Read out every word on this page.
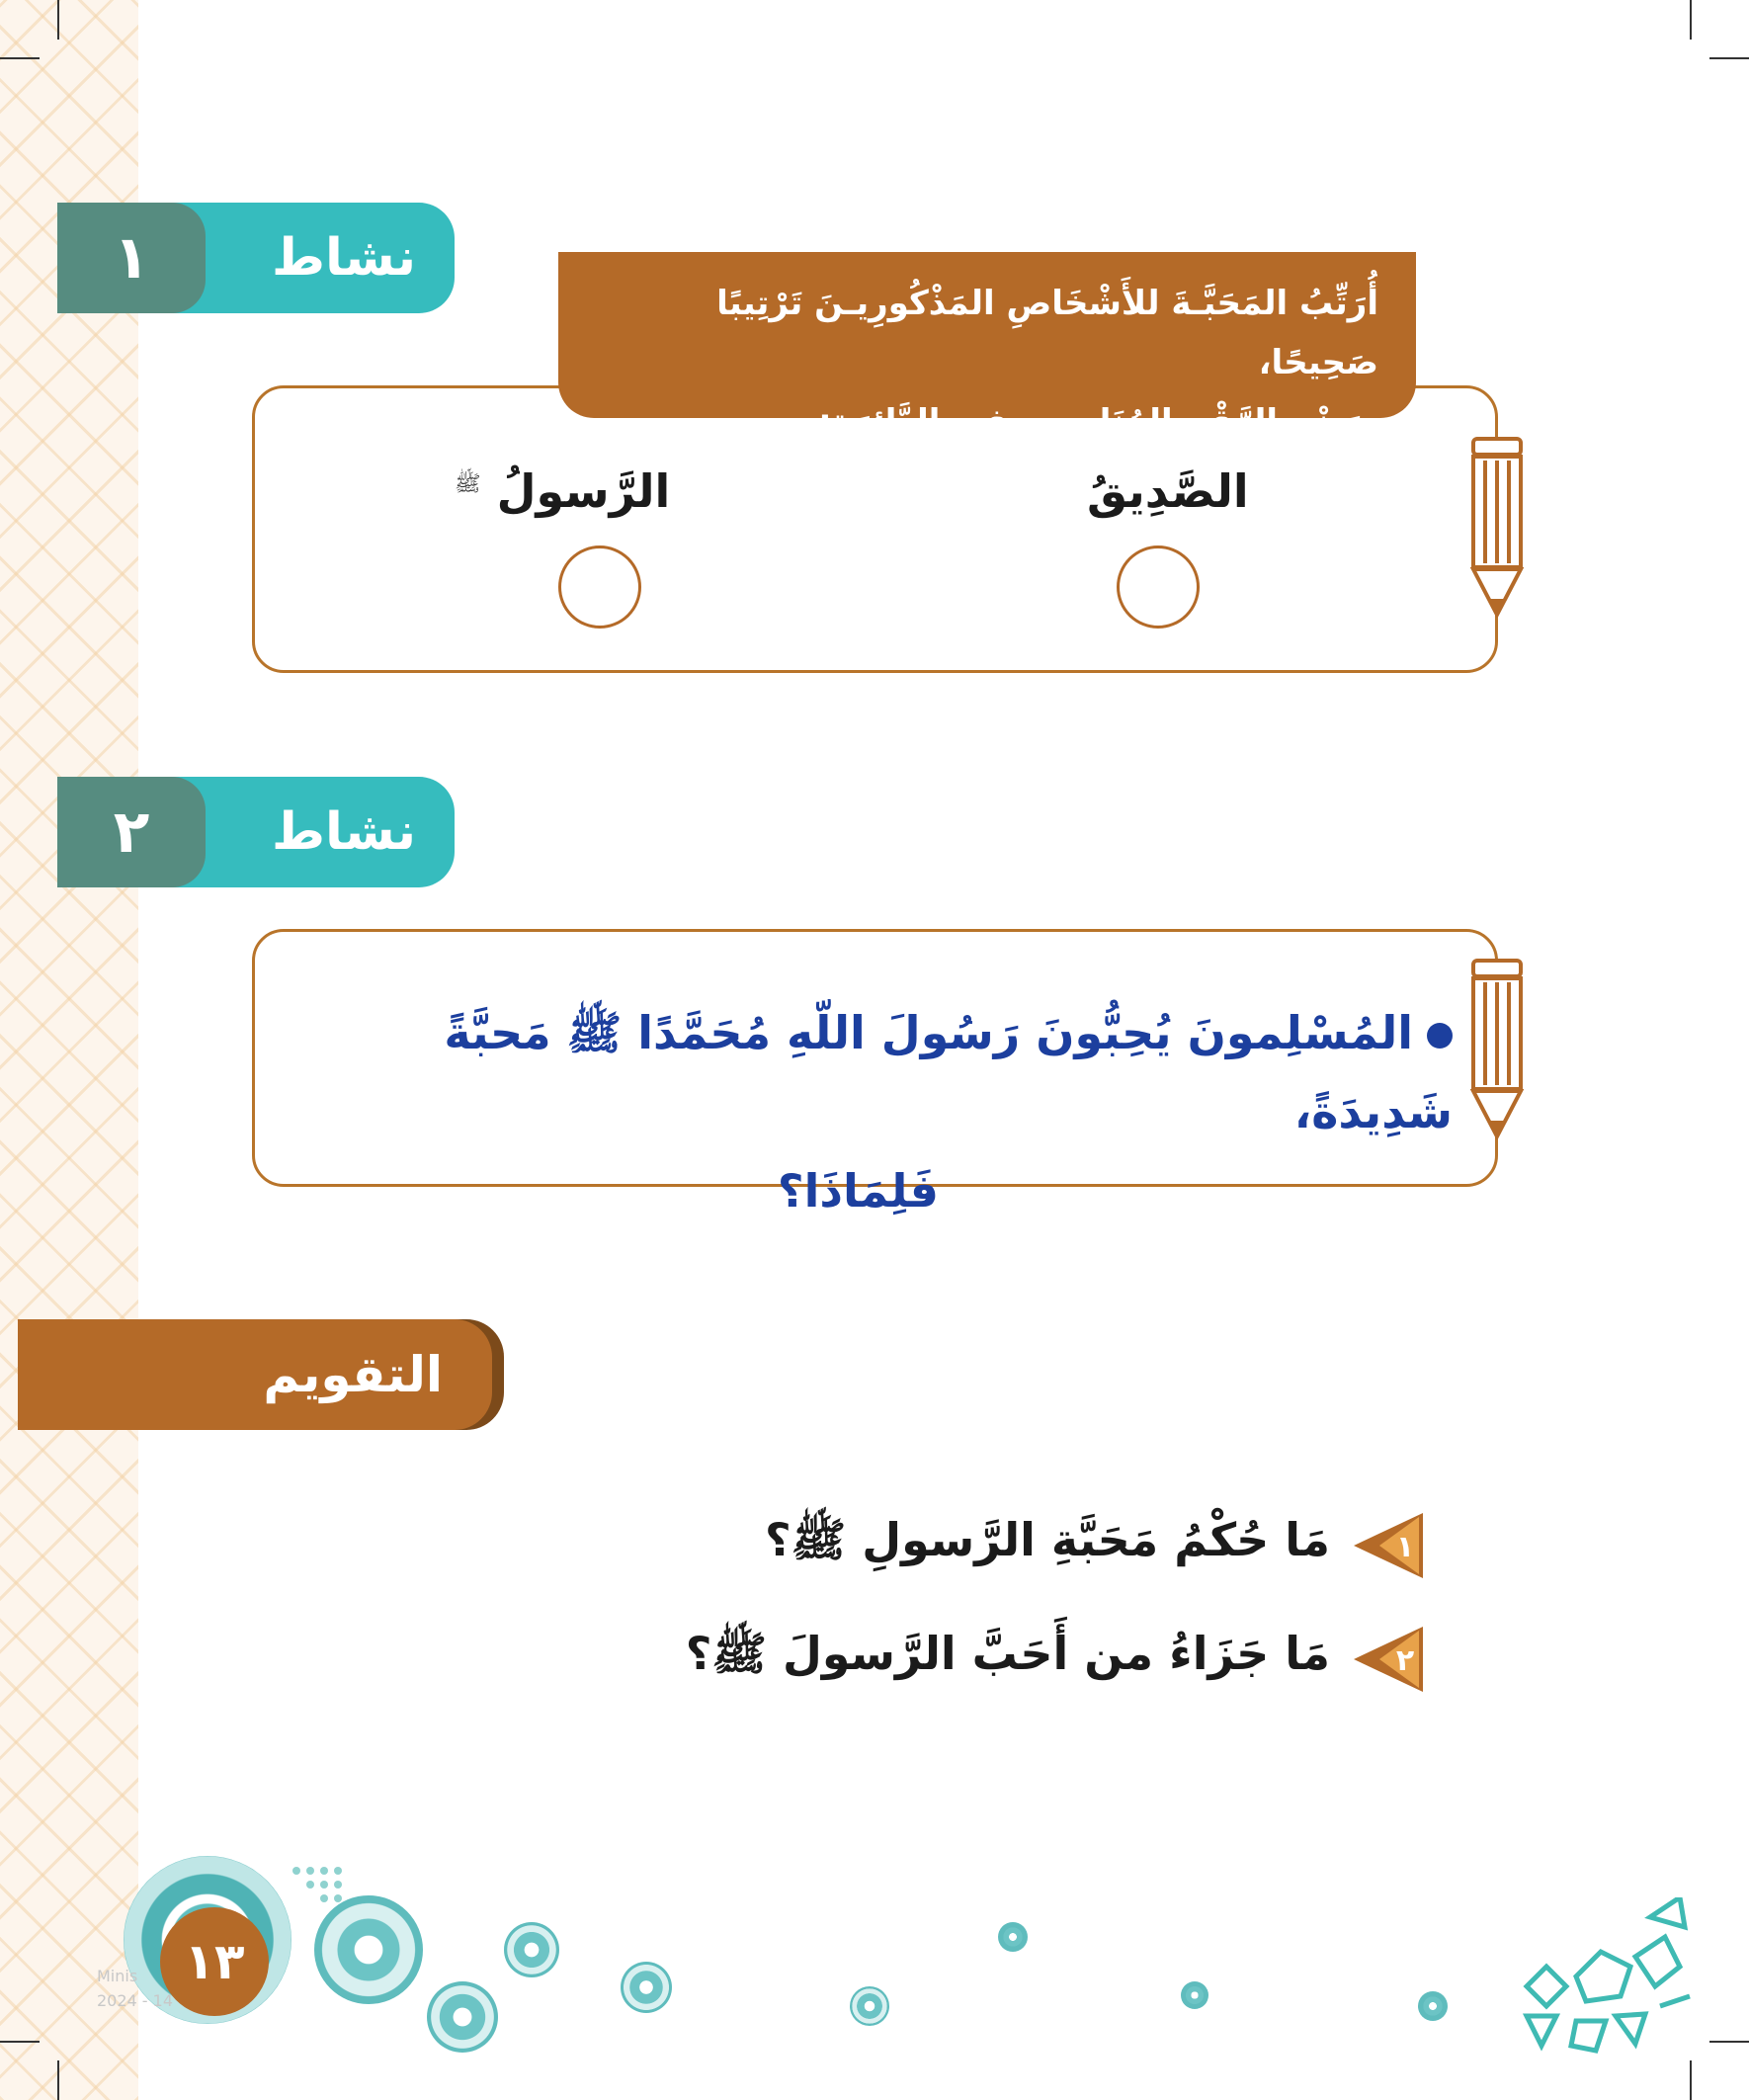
١	نشاط
أُرَتِّبُ المَحَبَّـةَ للأَشْخَاصِ المَذْكُورِيـنَ تَرْتِيبًا صَحِيحًا،
بِوَضْعِ الرَّقْمِ المُنَاسِـبِ فِي الدَّائِرَةِ:
الصَّدِيقُ
الرَّسولُ $^ﷺ$
٢	نشاط
المُسْلِمونَ يُحِبُّونَ رَسُولَ اللّهِ مُحَمَّدًا ﷺ مَحبَّةً شَدِيدَةً،
فَلِمَاذَا؟
التقويم
١
مَا حُكْمُ مَحَبَّةِ الرَّسولِ ﷺ؟
٢
مَا جَزَاءُ من أَحَبَّ الرَّسولَ ﷺ؟
Minis
2024 - 14
١٣
